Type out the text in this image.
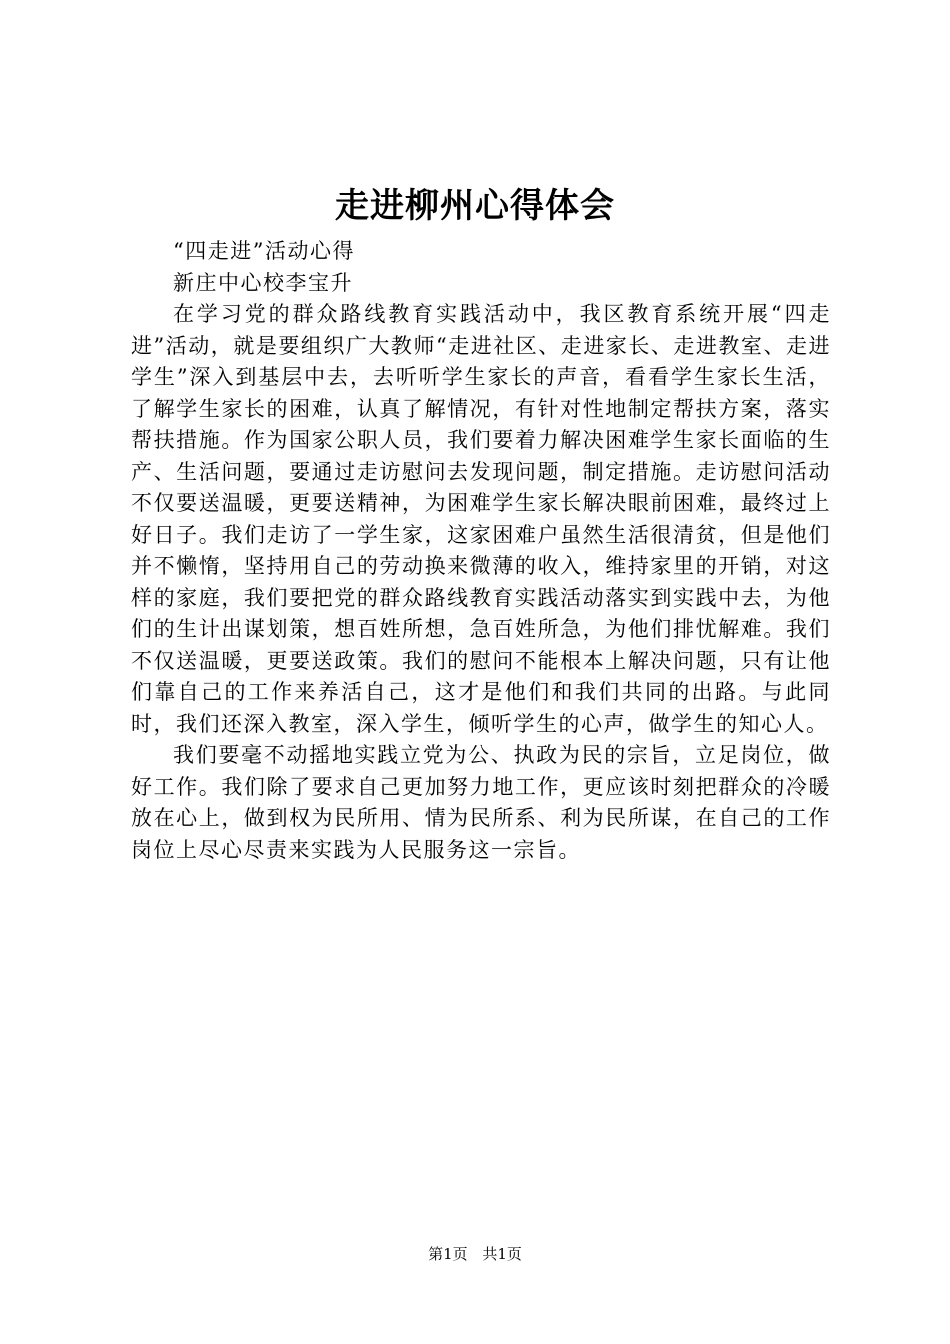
走进柳州心得体会

“四走进”活动心得

新庄中心校李宝升

在学习党的群众路线教育实践活动中，我区教育系统开展“四走进”活动，就是要组织广大教师“走进社区、走进家长、走进教室、走进学生”深入到基层中去，去听听学生家长的声音，看看学生家长生活，了解学生家长的困难，认真了解情况，有针对性地制定帮扶方案，落实帮扶措施。作为国家公职人员，我们要着力解决困难学生家长面临的生产、生活问题，要通过走访慰问去发现问题，制定措施。走访慰问活动不仅要送温暖，更要送精神，为困难学生家长解决眼前困难，最终过上好日子。我们走访了一学生家，这家困难户虽然生活很清贫，但是他们并不懒惰，坚持用自己的劳动换来微薄的收入，维持家里的开销，对这样的家庭，我们要把党的群众路线教育实践活动落实到实践中去，为他们的生计出谋划策，想百姓所想，急百姓所急，为他们排忧解难。我们不仅送温暖，更要送政策。我们的慰问不能根本上解决问题，只有让他们靠自己的工作来养活自己，这才是他们和我们共同的出路。与此同时，我们还深入教室，深入学生，倾听学生的心声，做学生的知心人。

我们要毫不动摇地实践立党为公、执政为民的宗旨，立足岗位，做好工作。我们除了要求自己更加努力地工作，更应该时刻把群众的冷暖放在心上，做到权为民所用、情为民所系、利为民所谋，在自己的工作岗位上尽心尽责来实践为人民服务这一宗旨。

第1页 共1页
